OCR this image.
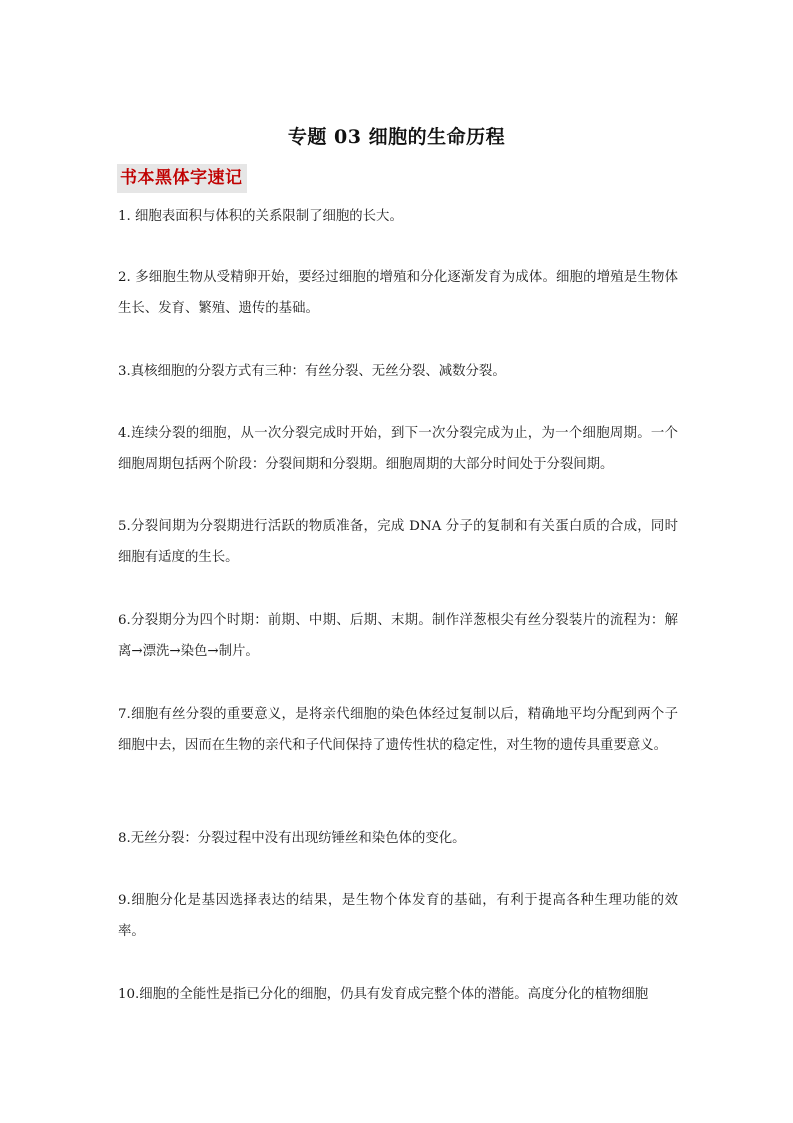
专题 03 细胞的生命历程
书本黑体字速记

1. 细胞表面积与体积的关系限制了细胞的长大。

2. 多细胞生物从受精卵开始，要经过细胞的增殖和分化逐渐发育为成体。细胞的增殖是生物体生长、发育、繁殖、遗传的基础。

3.真核细胞的分裂方式有三种：有丝分裂、无丝分裂、减数分裂。

4.连续分裂的细胞，从一次分裂完成时开始，到下一次分裂完成为止，为一个细胞周期。一个细胞周期包括两个阶段：分裂间期和分裂期。细胞周期的大部分时间处于分裂间期。

5.分裂间期为分裂期进行活跃的物质准备，完成 DNA 分子的复制和有关蛋白质的合成，同时细胞有适度的生长。

6.分裂期分为四个时期：前期、中期、后期、末期。制作洋葱根尖有丝分裂装片的流程为：解离→漂洗→染色→制片。

7.细胞有丝分裂的重要意义，是将亲代细胞的染色体经过复制以后，精确地平均分配到两个子细胞中去，因而在生物的亲代和子代间保持了遗传性状的稳定性，对生物的遗传具重要意义。

8.无丝分裂：分裂过程中没有出现纺锤丝和染色体的变化。

9.细胞分化是基因选择表达的结果，是生物个体发育的基础，有利于提高各种生理功能的效率。

10.细胞的全能性是指已分化的细胞，仍具有发育成完整个体的潜能。高度分化的植物细胞
